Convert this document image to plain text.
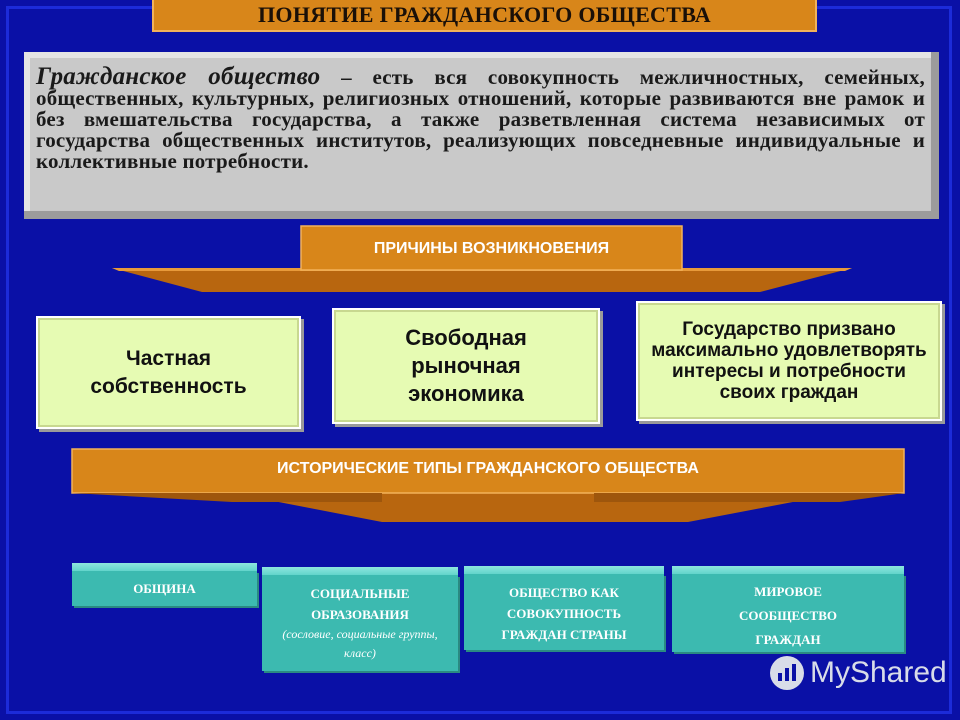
ПОНЯТИЕ ГРАЖДАНСКОГО ОБЩЕСТВА
Гражданское общество – есть вся совокупность межличностных, семейных, общественных, культурных, религиозных отношений, которые развиваются вне рамок и без вмешательства государства, а также разветвленная система независимых от государства общественных институтов, реализующих повседневные индивидуальные и коллективные потребности.
ПРИЧИНЫ ВОЗНИКНОВЕНИЯ
ИСТОРИЧЕСКИЕ ТИПЫ ГРАЖДАНСКОГО ОБЩЕСТВА
Частная собственность
Свободная рыночная экономика
Государство призвано максимально удовлетворять интересы и потребности своих граждан
ОБЩИНА	СОЦИАЛЬНЫЕ ОБРАЗОВАНИЯ
(сословие, социальные группы, класс)
ОБЩЕСТВО КАК СОВОКУПНОСТЬ ГРАЖДАН СТРАНЫ
МИРОВОЕ СООБЩЕСТВО ГРАЖДАН
MyShared
